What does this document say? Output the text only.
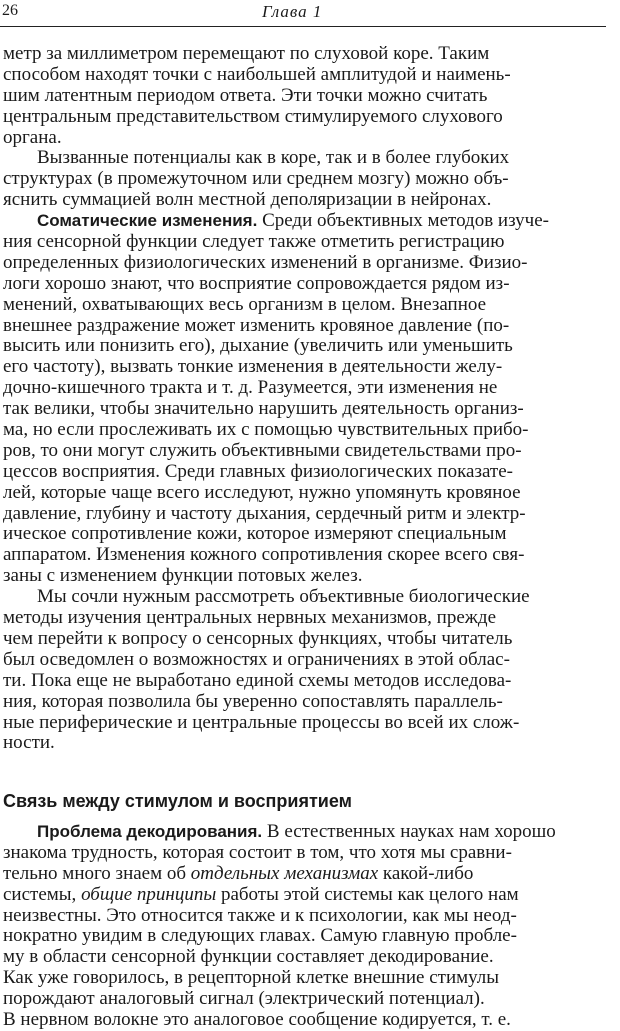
26	Глава 1
метр за миллиметром перемещают по слуховой коре. Таким
способом находят точки с наибольшей амплитудой и наимень-
шим латентным периодом ответа. Эти точки можно считать
центральным представительством стимулируемого слухового
органа.
Вызванные потенциалы как в коре, так и в более глубоких
структурах (в промежуточном или среднем мозгу) можно объ-
яснить суммацией волн местной деполяризации в нейронах.
Соматические изменения. Среди объективных методов изуче-
ния сенсорной функции следует также отметить регистрацию
определенных физиологических изменений в организме. Физио-
логи хорошо знают, что восприятие сопровождается рядом из-
менений, охватывающих весь организм в целом. Внезапное
внешнее раздражение может изменить кровяное давление (по-
высить или понизить его), дыхание (увеличить или уменьшить
его частоту), вызвать тонкие изменения в деятельности желу-
дочно-кишечного тракта и т. д. Разумеется, эти изменения не
так велики, чтобы значительно нарушить деятельность организ-
ма, но если прослеживать их с помощью чувствительных прибо-
ров, то они могут служить объективными свидетельствами про-
цессов восприятия. Среди главных физиологических показате-
лей, которые чаще всего исследуют, нужно упомянуть кровяное
давление, глубину и частоту дыхания, сердечный ритм и электр-
ическое сопротивление кожи, которое измеряют специальным
аппаратом. Изменения кожного сопротивления скорее всего свя-
заны с изменением функции потовых желез.
Мы сочли нужным рассмотреть объективные биологические
методы изучения центральных нервных механизмов, прежде
чем перейти к вопросу о сенсорных функциях, чтобы читатель
был осведомлен о возможностях и ограничениях в этой облас-
ти. Пока еще не выработано единой схемы методов исследова-
ния, которая позволила бы уверенно сопоставлять параллель-
ные периферические и центральные процессы во всей их слож-
ности.
Связь между стимулом и восприятием
Проблема декодирования. В естественных науках нам хорошо
знакома трудность, которая состоит в том, что хотя мы сравни-
тельно много знаем об отдельных механизмах какой-либо
системы, общие принципы работы этой системы как целого нам
неизвестны. Это относится также и к психологии, как мы неод-
нократно увидим в следующих главах. Самую главную пробле-
му в области сенсорной функции составляет декодирование.
Как уже говорилось, в рецепторной клетке внешние стимулы
порождают аналоговый сигнал (электрический потенциал).
В нервном волокне это аналоговое сообщение кодируется, т. е.
